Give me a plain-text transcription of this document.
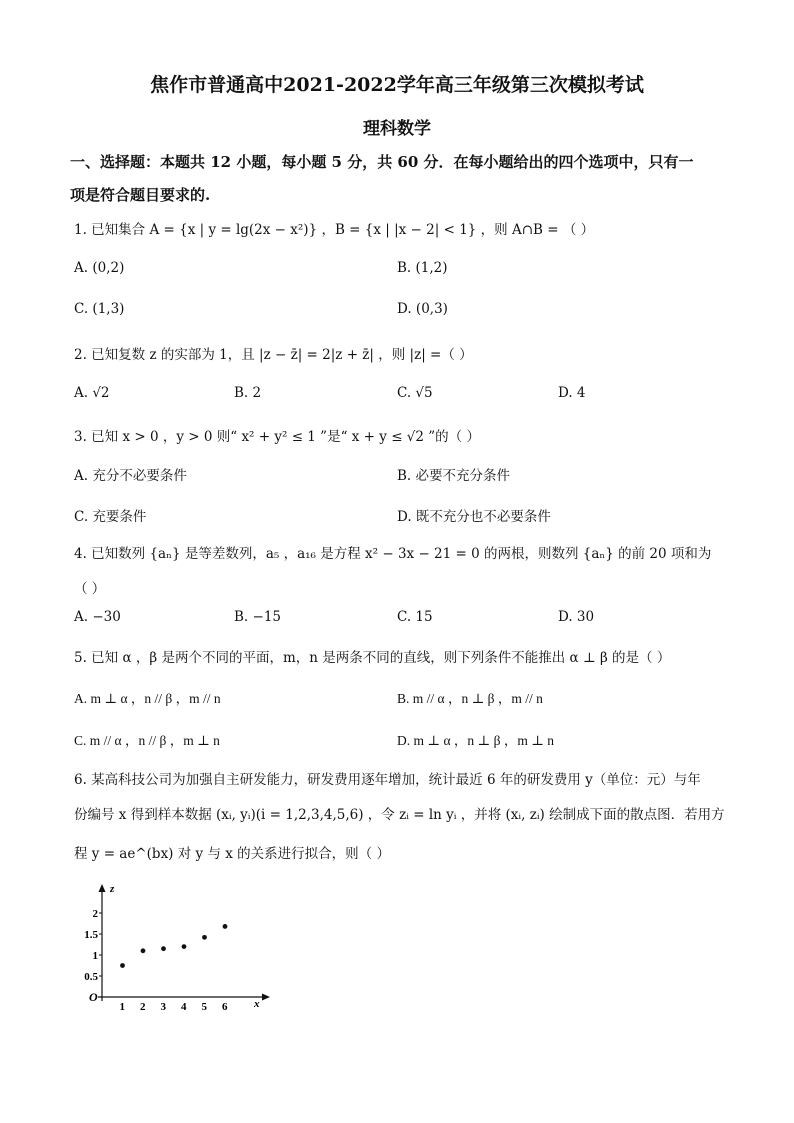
焦作市普通高中2021-2022学年高三年级第三次模拟考试
理科数学
一、选择题：本题共 12 小题，每小题 5 分，共 60 分．在每小题给出的四个选项中，只有一
项是符合题目要求的.
1. 已知集合 A = {x | y = lg(2x − x²)} ，B = {x | |x − 2| < 1} ，则 A∩B = （ ）
A. (0,2)	B. (1,2)
C. (1,3)	D. (0,3)
2. 已知复数 z 的实部为 1，且 |z − z̄| = 2|z + z̄| ，则 |z| =（ ）
A. √2	B. 2	C. √5	D. 4
3. 已知 x > 0 ，y > 0 则“ x² + y² ≤ 1 ”是“ x + y ≤ √2 ”的（ ）
A. 充分不必要条件	B. 必要不充分条件
C. 充要条件	D. 既不充分也不必要条件
4. 已知数列 {aₙ} 是等差数列，a₅ ，a₁₆ 是方程 x² − 3x − 21 = 0 的两根，则数列 {aₙ} 的前 20 项和为
（ ）
A. −30	B. −15	C. 15	D. 30
5. 已知 α ，β 是两个不同的平面，m，n 是两条不同的直线，则下列条件不能推出 α ⊥ β 的是（ ）
A. m ⊥ α ，n // β ，m // n	B. m // α ，n ⊥ β ，m // n
C. m // α ，n // β ，m ⊥ n	D. m ⊥ α ，n ⊥ β ，m ⊥ n
6. 某高科技公司为加强自主研发能力，研发费用逐年增加，统计最近 6 年的研发费用 y（单位：元）与年
份编号 x 得到样本数据 (xᵢ, yᵢ)(i = 1,2,3,4,5,6) ，令 zᵢ = ln yᵢ ，并将 (xᵢ, zᵢ) 绘制成下面的散点图．若用方
程 y = ae^(bx) 对 y 与 x 的关系进行拟合，则（ ）
x
z
O
1 2 3 4 5 6
0.5
1
1.5
2
